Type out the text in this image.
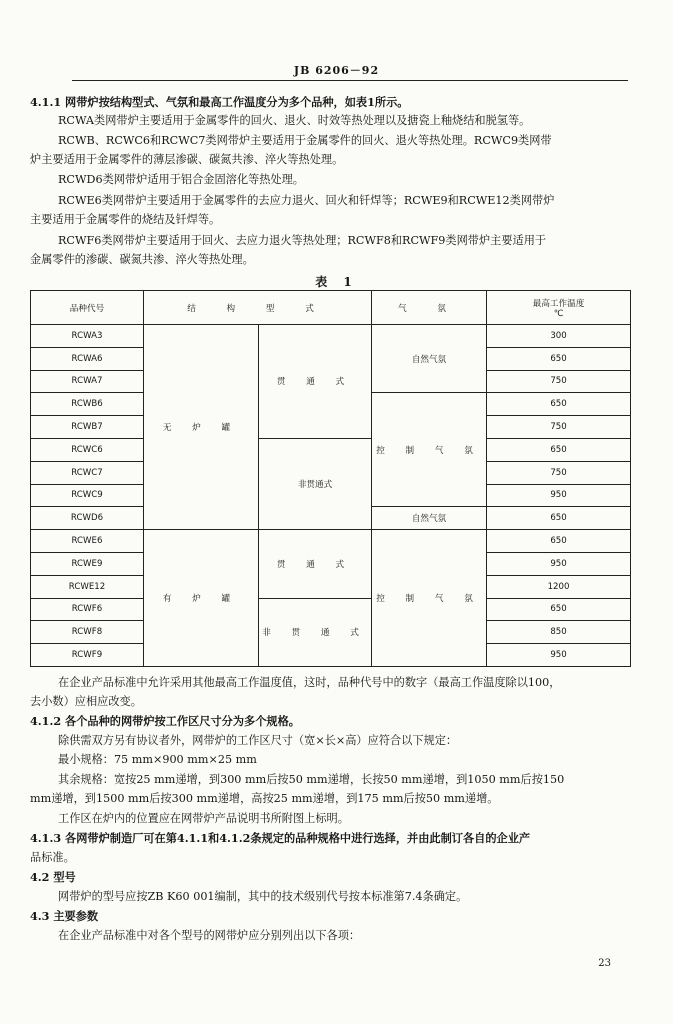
JB 6206－92
4.1.1 网带炉按结构型式、气氛和最高工作温度分为多个品种，如表1所示。
RCWA类网带炉主要适用于金属零件的回火、退火、时效等热处理以及搪瓷上釉烧结和脱氢等。
RCWB、RCWC6和RCWC7类网带炉主要适用于金属零件的回火、退火等热处理。RCWC9类网带
炉主要适用于金属零件的薄层渗碳、碳氮共渗、淬火等热处理。
RCWD6类网带炉适用于铝合金固溶化等热处理。
RCWE6类网带炉主要适用于金属零件的去应力退火、回火和钎焊等；RCWE9和RCWE12类网带炉
主要适用于金属零件的烧结及钎焊等。
RCWF6类网带炉主要适用于回火、去应力退火等热处理；RCWF8和RCWF9类网带炉主要适用于
金属零件的渗碳、碳氮共渗、淬火等热处理。
表 1
品种代号	结 构 型 式		气 氛	最高工作温度
℃
RCWA3	无 炉 罐	贯 通 式	自然气氛	300
RCWA6				650
RCWA7				750
RCWB6			控 制 气 氛	650
RCWB7				750
RCWC6		非贯通式		650
RCWC7				750
RCWC9				950
RCWD6			自然气氛	650
RCWE6	有 炉 罐	贯 通 式	控 制 气 氛	650
RCWE9				950
RCWE12				1200
RCWF6		非 贯 通 式		650
RCWF8				850
RCWF9				950
在企业产品标准中允许采用其他最高工作温度值，这时，品种代号中的数字（最高工作温度除以100，
去小数）应相应改变。
4.1.2 各个品种的网带炉按工作区尺寸分为多个规格。
除供需双方另有协议者外，网带炉的工作区尺寸（宽×长×高）应符合以下规定：
最小规格：75 mm×900 mm×25 mm
其余规格：宽按25 mm递增，到300 mm后按50 mm递增，长按50 mm递增，到1050 mm后按150
mm递增，到1500 mm后按300 mm递增，高按25 mm递增，到175 mm后按50 mm递增。
工作区在炉内的位置应在网带炉产品说明书所附图上标明。
4.1.3 各网带炉制造厂可在第4.1.1和4.1.2条规定的品种规格中进行选择，并由此制订各自的企业产
品标准。
4.2 型号
网带炉的型号应按ZB K60 001编制，其中的技术级别代号按本标准第7.4条确定。
4.3 主要参数
在企业产品标准中对各个型号的网带炉应分别列出以下各项：
23
